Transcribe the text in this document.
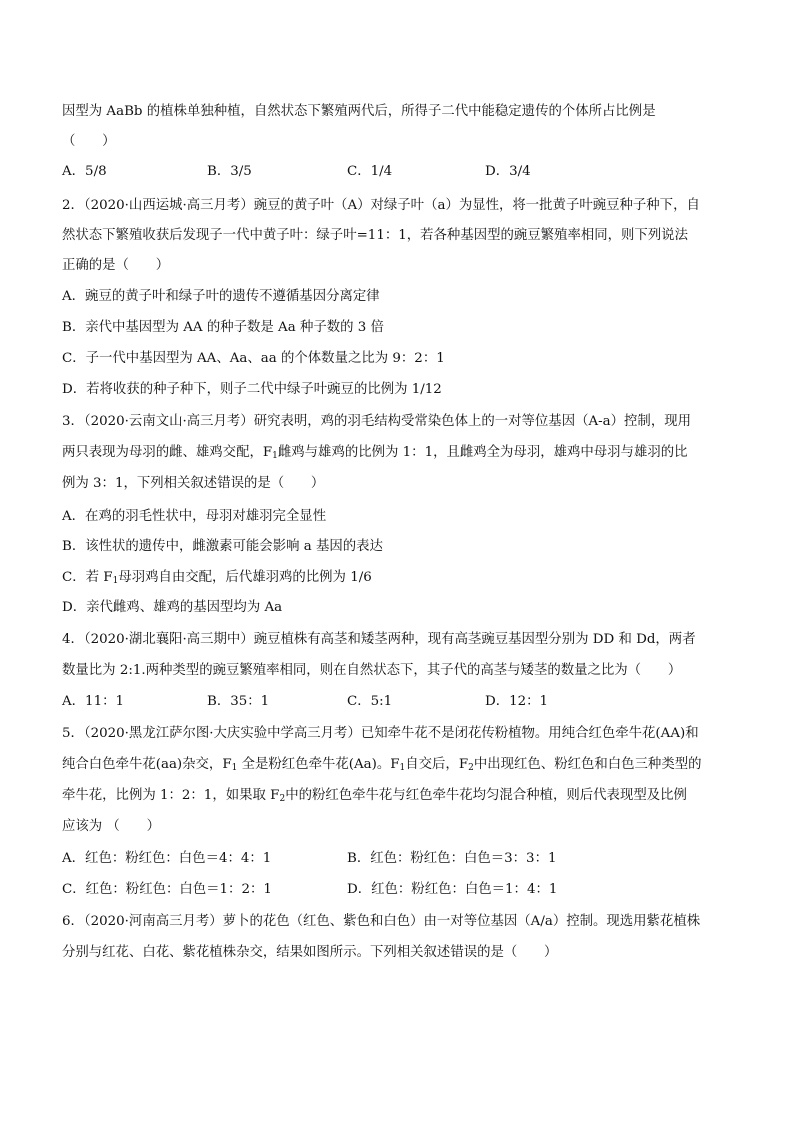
因型为 AaBb 的植株单独种植，自然状态下繁殖两代后，所得子二代中能稳定遗传的个体所占比例是
（　　）
A．5/8	B．3/5	C．1/4	D．3/4
2．（2020·山西运城·高三月考）豌豆的黄子叶（A）对绿子叶（a）为显性，将一批黄子叶豌豆种子种下，自
然状态下繁殖收获后发现子一代中黄子叶：绿子叶=11：1，若各种基因型的豌豆繁殖率相同，则下列说法
正确的是（　　）
A．豌豆的黄子叶和绿子叶的遗传不遵循基因分离定律
B．亲代中基因型为 AA 的种子数是 Aa 种子数的 3 倍
C．子一代中基因型为 AA、Aa、aa 的个体数量之比为 9：2：1
D．若将收获的种子种下，则子二代中绿子叶豌豆的比例为 1/12
3．（2020·云南文山·高三月考）研究表明，鸡的羽毛结构受常染色体上的一对等位基因（A-a）控制，现用
两只表现为母羽的雌、雄鸡交配，$F_1$雌鸡与雄鸡的比例为 1：1，且雌鸡全为母羽，雄鸡中母羽与雄羽的比
例为 3：1，下列相关叙述错误的是（　　）
A．在鸡的羽毛性状中，母羽对雄羽完全显性
B．该性状的遗传中，雌激素可能会影响 a 基因的表达
C．若 $F_1$母羽鸡自由交配，后代雄羽鸡的比例为 1/6
D．亲代雌鸡、雄鸡的基因型均为 Aa
4．（2020·湖北襄阳·高三期中）豌豆植株有高茎和矮茎两种，现有高茎豌豆基因型分别为 DD 和 Dd，两者
数量比为 2:1.两种类型的豌豆繁殖率相同，则在自然状态下，其子代的高茎与矮茎的数量之比为（　　）
A．11：1	B．35：1	C．5:1	D．12：1
5．（2020·黑龙江萨尔图·大庆实验中学高三月考）已知牵牛花不是闭花传粉植物。用纯合红色牵牛花(AA)和
纯合白色牵牛花(aa)杂交，$F_1$ 全是粉红色牵牛花(Aa)。$F_1$自交后，$F_2$中出现红色、粉红色和白色三种类型的
牵牛花，比例为 1：2：1，如果取 $F_2$中的粉红色牵牛花与红色牵牛花均匀混合种植，则后代表现型及比例
应该为 （　　）
A．红色：粉红色：白色＝4：4：1	B．红色：粉红色：白色＝3：3：1
C．红色：粉红色：白色＝1：2：1	D．红色：粉红色：白色＝1：4：1
6．（2020·河南高三月考）萝卜的花色（红色、紫色和白色）由一对等位基因（A/a）控制。现选用紫花植株
分别与红花、白花、紫花植株杂交，结果如图所示。下列相关叙述错误的是（　　）
